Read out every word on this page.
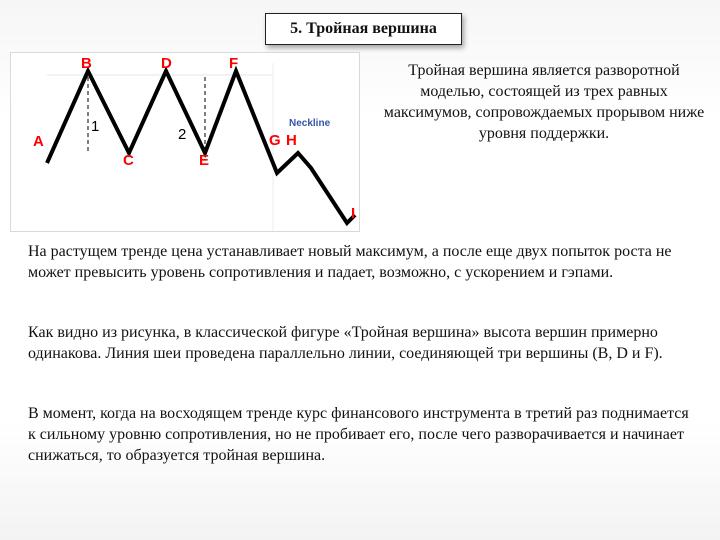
5. Тройная вершина
A
B
C
D
E
F
G H
I
1	2
Neckline
Тройная вершина является разворотной моделью, состоящей из трех равных максимумов, сопровождаемых прорывом ниже уровня поддержки.
На растущем тренде цена устанавливает новый максимум, а после еще двух попыток роста не может превысить уровень сопротивления и падает, возможно, с ускорением и гэпами.
Как видно из рисунка, в классической фигуре «Тройная вершина» высота вершин примерно одинакова. Линия шеи проведена параллельно линии, соединяющей три вершины (B, D и F).
В момент, когда на восходящем тренде курс финансового инструмента в третий раз поднимается к сильному уровню сопротивления, но не пробивает его, после чего разворачивается и начинает снижаться, то образуется тройная вершина.
